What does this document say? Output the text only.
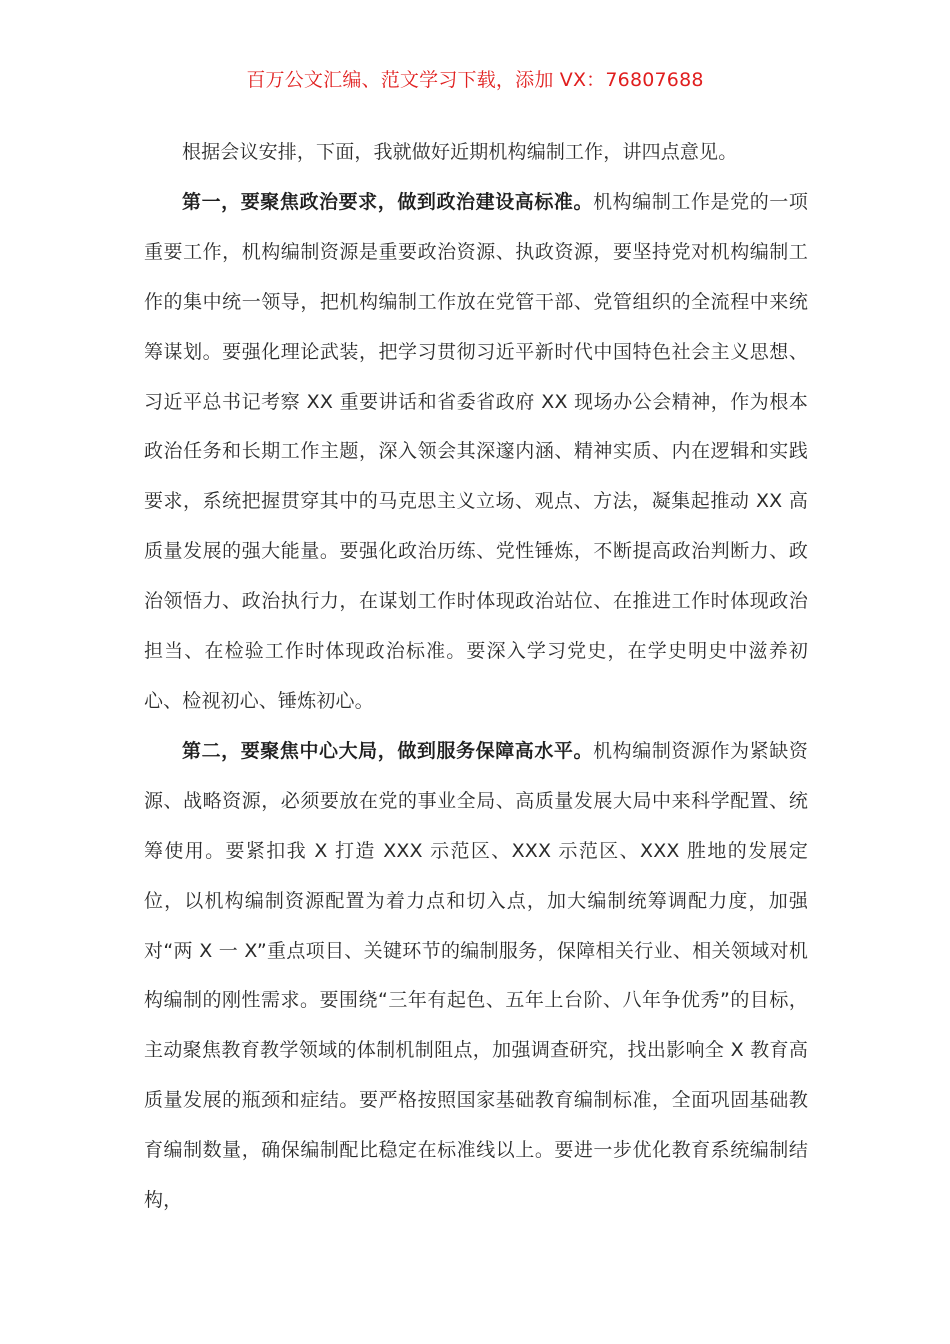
百万公文汇编、范文学习下载，添加 VX：76807688

根据会议安排，下面，我就做好近期机构编制工作，讲四点意见。

第一，要聚焦政治要求，做到政治建设高标准。机构编制工作是党的一项重要工作，机构编制资源是重要政治资源、执政资源，要坚持党对机构编制工作的集中统一领导，把机构编制工作放在党管干部、党管组织的全流程中来统筹谋划。要强化理论武装，把学习贯彻习近平新时代中国特色社会主义思想、习近平总书记考察 XX 重要讲话和省委省政府 XX 现场办公会精神，作为根本政治任务和长期工作主题，深入领会其深邃内涵、精神实质、内在逻辑和实践要求，系统把握贯穿其中的马克思主义立场、观点、方法，凝集起推动 XX 高质量发展的强大能量。要强化政治历练、党性锤炼，不断提高政治判断力、政治领悟力、政治执行力，在谋划工作时体现政治站位、在推进工作时体现政治担当、在检验工作时体现政治标准。要深入学习党史，在学史明史中滋养初心、检视初心、锤炼初心。

第二，要聚焦中心大局，做到服务保障高水平。机构编制资源作为紧缺资源、战略资源，必须要放在党的事业全局、高质量发展大局中来科学配置、统筹使用。要紧扣我 X 打造 XXX 示范区、XXX 示范区、XXX 胜地的发展定位，以机构编制资源配置为着力点和切入点，加大编制统筹调配力度，加强对“两 X 一 X”重点项目、关键环节的编制服务，保障相关行业、相关领域对机构编制的刚性需求。要围绕“三年有起色、五年上台阶、八年争优秀”的目标，主动聚焦教育教学领域的体制机制阻点，加强调查研究，找出影响全 X 教育高质量发展的瓶颈和症结。要严格按照国家基础教育编制标准，全面巩固基础教育编制数量，确保编制配比稳定在标准线以上。要进一步优化教育系统编制结构，
